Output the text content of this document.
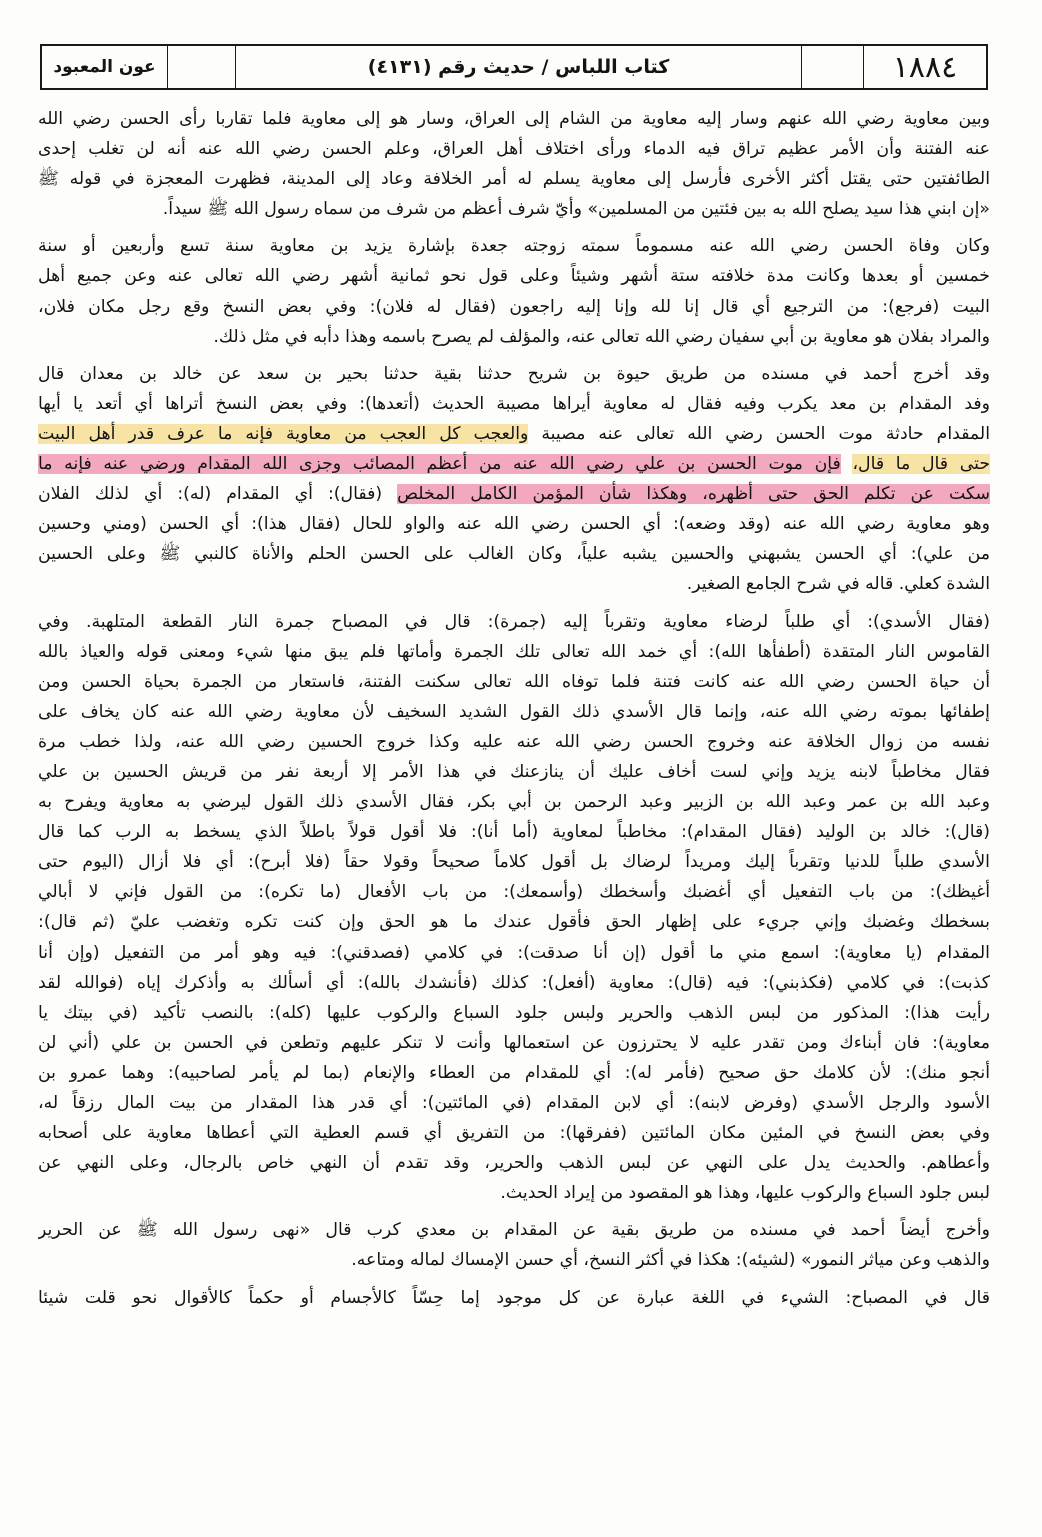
عون المعبود	كتاب اللباس / حديث رقم (٤١٣١)	١٨٨٤
وبين معاوية رضي الله عنهم وسار إليه معاوية من الشام إلى العراق، وسار هو إلى معاوية فلما تقاربا رأى الحسن رضي الله
عنه الفتنة وأن الأمر عظيم تراق فيه الدماء ورأى اختلاف أهل العراق، وعلم الحسن رضي الله عنه أنه لن تغلب إحدى
الطائفتين حتى يقتل أكثر الأخرى فأرسل إلى معاوية يسلم له أمر الخلافة وعاد إلى المدينة، فظهرت المعجزة في قوله ﷺ
«إن ابني هذا سيد يصلح الله به بين فئتين من المسلمين» وأيّ شرف أعظم من شرف من سماه رسول الله ﷺ سيداً.
وكان وفاة الحسن رضي الله عنه مسموماً سمته زوجته جعدة بإشارة يزيد بن معاوية سنة تسع وأربعين أو سنة
خمسين أو بعدها وكانت مدة خلافته ستة أشهر وشيئاً وعلى قول نحو ثمانية أشهر رضي الله تعالى عنه وعن جميع أهل
البيت (فرجع): من الترجيع أي قال إنا لله وإنا إليه راجعون (فقال له فلان): وفي بعض النسخ وقع رجل مكان فلان،
والمراد بفلان هو معاوية بن أبي سفيان رضي الله تعالى عنه، والمؤلف لم يصرح باسمه وهذا دأبه في مثل ذلك.
وقد أخرج أحمد في مسنده من طريق حيوة بن شريح حدثنا بقية حدثنا بحير بن سعد عن خالد بن معدان قال
وفد المقدام بن معد يكرب وفيه فقال له معاوية أيراها مصيبة الحديث (أتعدها): وفي بعض النسخ أتراها أي أتعد يا أيها
المقدام حادثة موت الحسن رضي الله تعالى عنه مصيبة والعجب كل العجب من معاوية فإنه ما عرف قدر أهل البيت
حتى قال ما قال، فإن موت الحسن بن علي رضي الله عنه من أعظم المصائب وجزى الله المقدام ورضي عنه فإنه ما
سكت عن تكلم الحق حتى أظهره، وهكذا شأن المؤمن الكامل المخلص (فقال): أي المقدام (له): أي لذلك الفلان
وهو معاوية رضي الله عنه (وقد وضعه): أي الحسن رضي الله عنه والواو للحال (فقال هذا): أي الحسن (ومني وحسين
من علي): أي الحسن يشبهني والحسين يشبه علياً، وكان الغالب على الحسن الحلم والأناة كالنبي ﷺ وعلى الحسين
الشدة كعلي. قاله في شرح الجامع الصغير.
(فقال الأسدي): أي طلباً لرضاء معاوية وتقرباً إليه (جمرة): قال في المصباح جمرة النار القطعة المتلهبة. وفي
القاموس النار المتقدة (أطفأها الله): أي خمد الله تعالى تلك الجمرة وأماتها فلم يبق منها شيء ومعنى قوله والعياذ بالله
أن حياة الحسن رضي الله عنه كانت فتنة فلما توفاه الله تعالى سكنت الفتنة، فاستعار من الجمرة بحياة الحسن ومن
إطفائها بموته رضي الله عنه، وإنما قال الأسدي ذلك القول الشديد السخيف لأن معاوية رضي الله عنه كان يخاف على
نفسه من زوال الخلافة عنه وخروج الحسن رضي الله عنه عليه وكذا خروج الحسين رضي الله عنه، ولذا خطب مرة
فقال مخاطباً لابنه يزيد وإني لست أخاف عليك أن ينازعنك في هذا الأمر إلا أربعة نفر من قريش الحسين بن علي
وعبد الله بن عمر وعبد الله بن الزبير وعبد الرحمن بن أبي بكر، فقال الأسدي ذلك القول ليرضي به معاوية ويفرح به
(قال): خالد بن الوليد (فقال المقدام): مخاطباً لمعاوية (أما أنا): فلا أقول قولاً باطلاً الذي يسخط به الرب كما قال
الأسدي طلباً للدنيا وتقرباً إليك ومريداً لرضاك بل أقول كلاماً صحيحاً وقولا حقاً (فلا أبرح): أي فلا أزال (اليوم حتى
أغيظك): من باب التفعيل أي أغضبك وأسخطك (وأسمعك): من باب الأفعال (ما تكره): من القول فإني لا أبالي
بسخطك وغضبك وإني جريء على إظهار الحق فأقول عندك ما هو الحق وإن كنت تكره وتغضب عليّ (ثم قال):
المقدام (يا معاوية): اسمع مني ما أقول (إن أنا صدقت): في كلامي (فصدقني): فيه وهو أمر من التفعيل (وإن أنا
كذبت): في كلامي (فكذبني): فيه (قال): معاوية (أفعل): كذلك (فأنشدك بالله): أي أسألك به وأذكرك إياه (فوالله لقد
رأيت هذا): المذكور من لبس الذهب والحرير ولبس جلود السباع والركوب عليها (كله): بالنصب تأكيد (في بيتك يا
معاوية): فان أبناءك ومن تقدر عليه لا يحترزون عن استعمالها وأنت لا تنكر عليهم وتطعن في الحسن بن علي (أني لن
أنجو منك): لأن كلامك حق صحيح (فأمر له): أي للمقدام من العطاء والإنعام (بما لم يأمر لصاحبيه): وهما عمرو بن
الأسود والرجل الأسدي (وفرض لابنه): أي لابن المقدام (في المائتين): أي قدر هذا المقدار من بيت المال رزقاً له،
وفي بعض النسخ في المئين مكان المائتين (ففرقها): من التفريق أي قسم العطية التي أعطاها معاوية على أصحابه
وأعطاهم. والحديث يدل على النهي عن لبس الذهب والحرير، وقد تقدم أن النهي خاص بالرجال، وعلى النهي عن
لبس جلود السباع والركوب عليها، وهذا هو المقصود من إيراد الحديث.
وأخرج أيضاً أحمد في مسنده من طريق بقية عن المقدام بن معدي كرب قال «نهى رسول الله ﷺ عن الحرير
والذهب وعن مياثر النمور» (لشيئه): هكذا في أكثر النسخ، أي حسن الإمساك لماله ومتاعه.
قال في المصباح: الشيء في اللغة عبارة عن كل موجود إما حِسّاً كالأجسام أو حكماً كالأقوال نحو قلت شيئا
